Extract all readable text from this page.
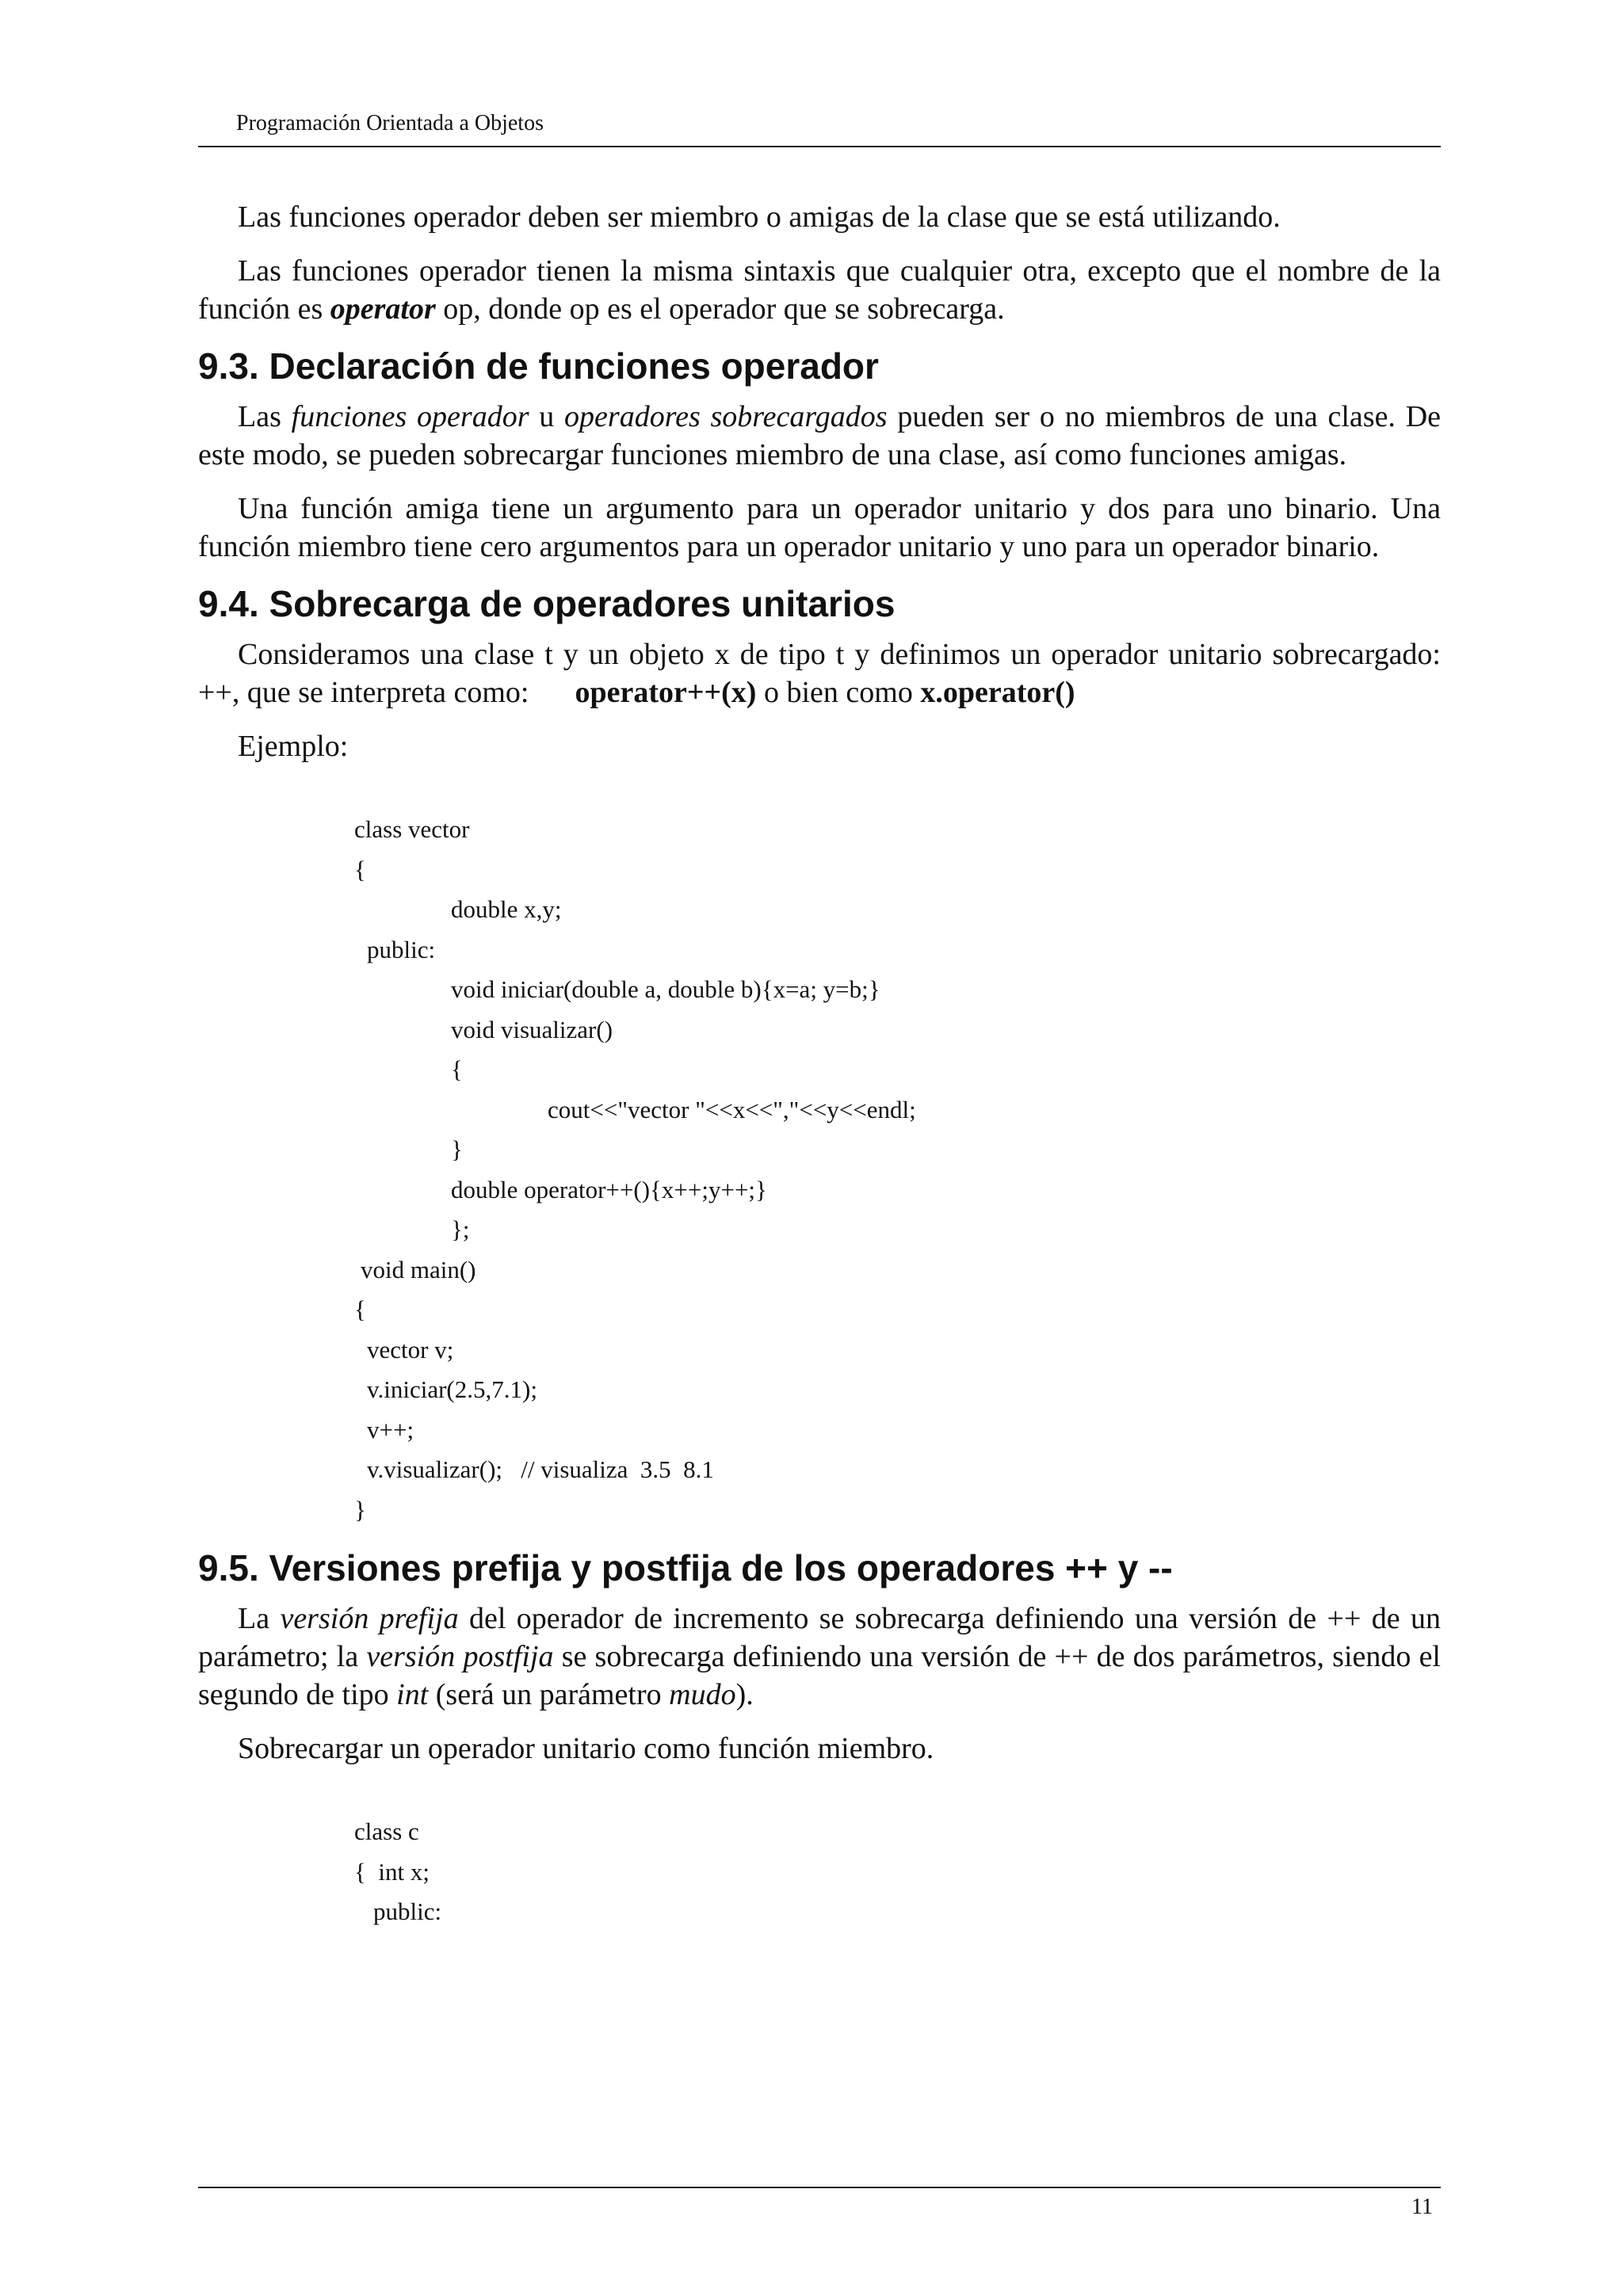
Programación Orientada a Objetos

Las funciones operador deben ser miembro o amigas de la clase que se está utilizando.

Las funciones operador tienen la misma sintaxis que cualquier otra, excepto que el nombre de la función es operator op, donde op es el operador que se sobrecarga.

9.3. Declaración de funciones operador

Las funciones operador u operadores sobrecargados pueden ser o no miembros de una clase. De este modo, se pueden sobrecargar funciones miembro de una clase, así como funciones amigas.

Una función amiga tiene un argumento para un operador unitario y dos para uno binario. Una función miembro tiene cero argumentos para un operador unitario y uno para un operador binario.

9.4. Sobrecarga de operadores unitarios

Consideramos una clase t y un objeto x de tipo t y definimos un operador unitario sobrecargado: ++, que se interpreta como: operator++(x) o bien como x.operator()

Ejemplo:

class vector
{
double x,y;
public:
void iniciar(double a, double b){x=a; y=b;}
void visualizar()
{
cout<<"vector "<<x<<","<<y<<endl;
}
double operator++(){x++;y++;}
};
void main()
{
vector v;
v.iniciar(2.5,7.1);
v++;
v.visualizar();   // visualiza  3.5  8.1
}
9.5. Versiones prefija y postfija de los operadores ++ y --

La versión prefija del operador de incremento se sobrecarga definiendo una versión de ++ de un parámetro; la versión postfija se sobrecarga definiendo una versión de ++ de dos parámetros, siendo el segundo de tipo int (será un parámetro mudo).

Sobrecargar un operador unitario como función miembro.

class c
{  int x;
public:
11
